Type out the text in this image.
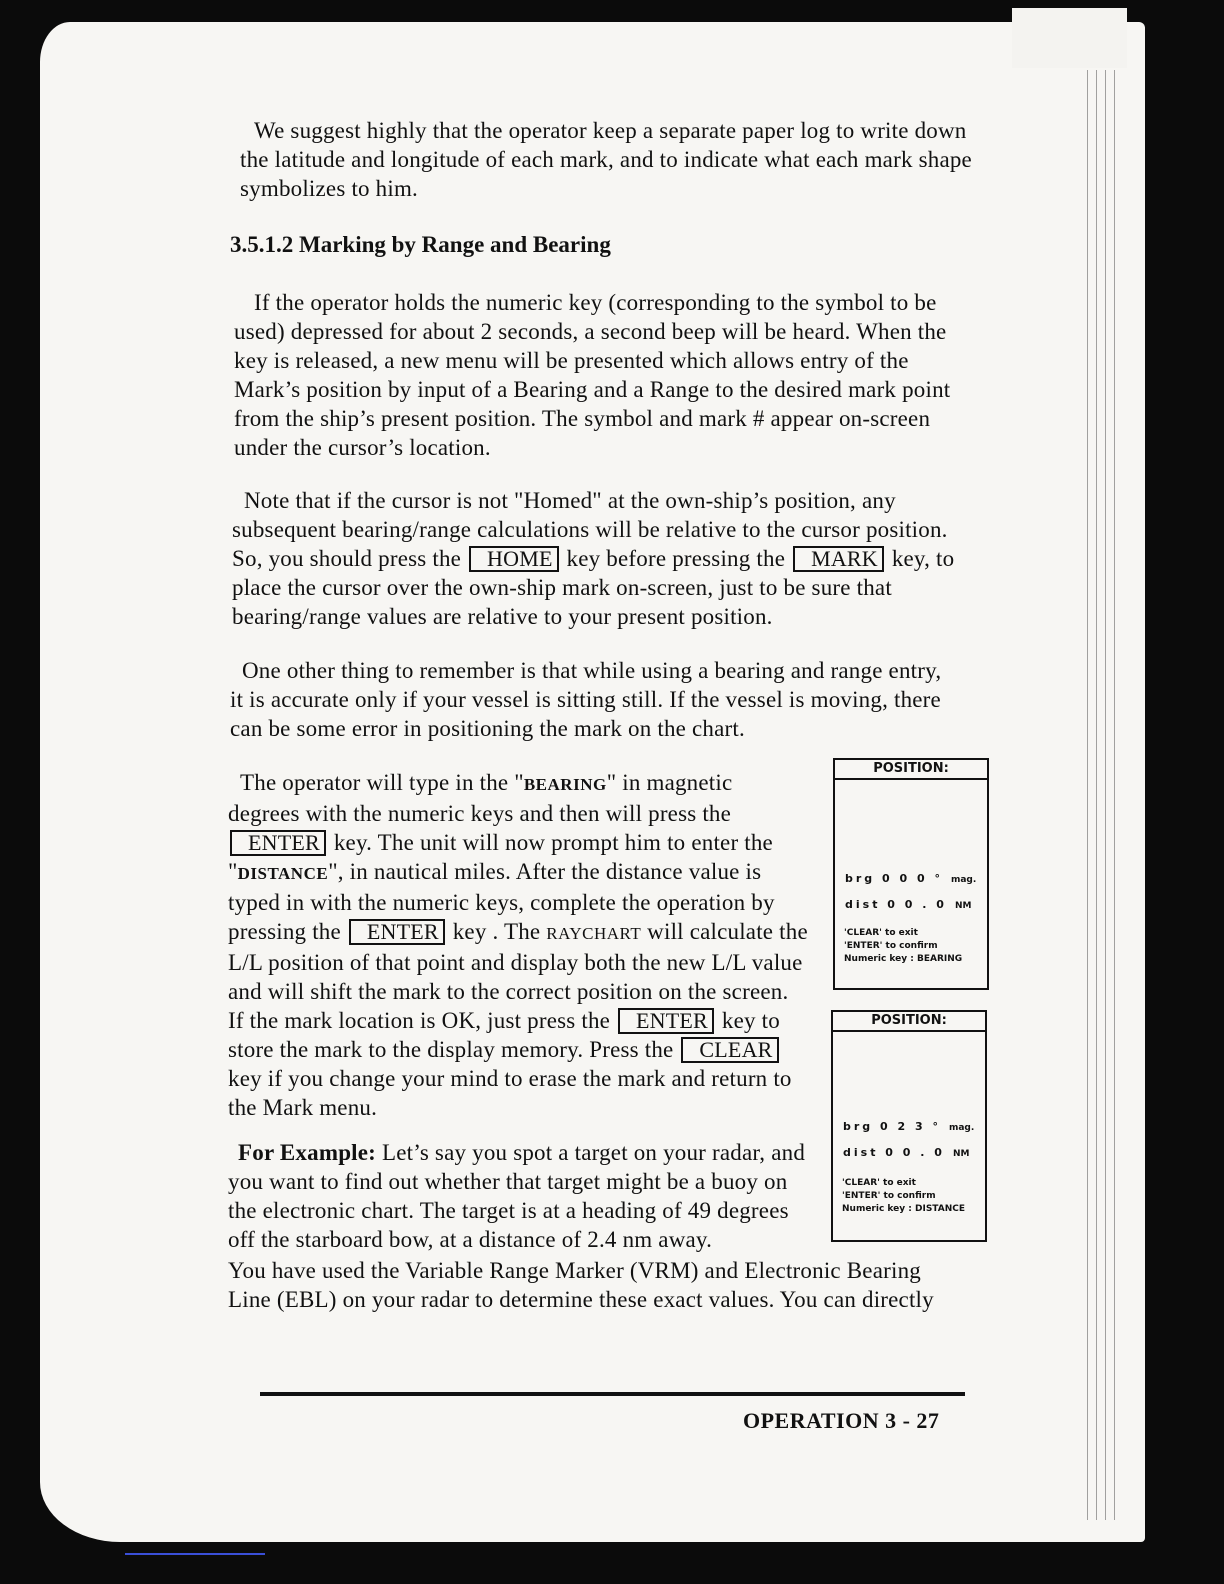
We suggest highly that the operator keep a separate paper log to write down the latitude and longitude of each mark, and to indicate what each mark shape symbolizes to him.

3.5.1.2 Marking by Range and Bearing

If the operator holds the numeric key (corresponding to the symbol to be used) depressed for about 2 seconds, a second beep will be heard. When the key is released, a new menu will be presented which allows entry of the Mark’s position by input of a Bearing and a Range to the desired mark point from the ship’s present position. The symbol and mark # appear on-screen under the cursor’s location.

Note that if the cursor is not "Homed" at the own-ship’s position, any subsequent bearing/range calculations will be relative to the cursor position. So, you should press the HOME key before pressing the MARK key, to place the cursor over the own-ship mark on-screen, just to be sure that bearing/range values are relative to your present position.

One other thing to remember is that while using a bearing and range entry, it is accurate only if your vessel is sitting still. If the vessel is moving, there can be some error in positioning the mark on the chart.

The operator will type in the "BEARING" in magnetic degrees with the numeric keys and then will press the ENTER key. The unit will now prompt him to enter the "DISTANCE", in nautical miles. After the distance value is typed in with the numeric keys, complete the operation by pressing the ENTER key . The RAYCHART will calculate the L/L position of that point and display both the new L/L value and will shift the mark to the correct position on the screen. If the mark location is OK, just press the ENTER key to store the mark to the display memory. Press the CLEAR key if you change your mind to erase the mark and return to the Mark menu.

For Example: Let’s say you spot a target on your radar, and you want to find out whether that target might be a buoy on the electronic chart. The target is at a heading of 49 degrees off the starboard bow, at a distance of 2.4 nm away.

You have used the Variable Range Marker (VRM) and Electronic Bearing Line (EBL) on your radar to determine these exact values. You can directly

POSITION:
brg 0 0 0 ° mag.
dist 0 0 . 0 NM
'CLEAR' to exit
'ENTER' to confirm
Numeric key : BEARING
POSITION:
brg 0 2 3 ° mag.
dist 0 0 . 0 NM
'CLEAR' to exit
'ENTER' to confirm
Numeric key : DISTANCE
OPERATION 3 - 27
